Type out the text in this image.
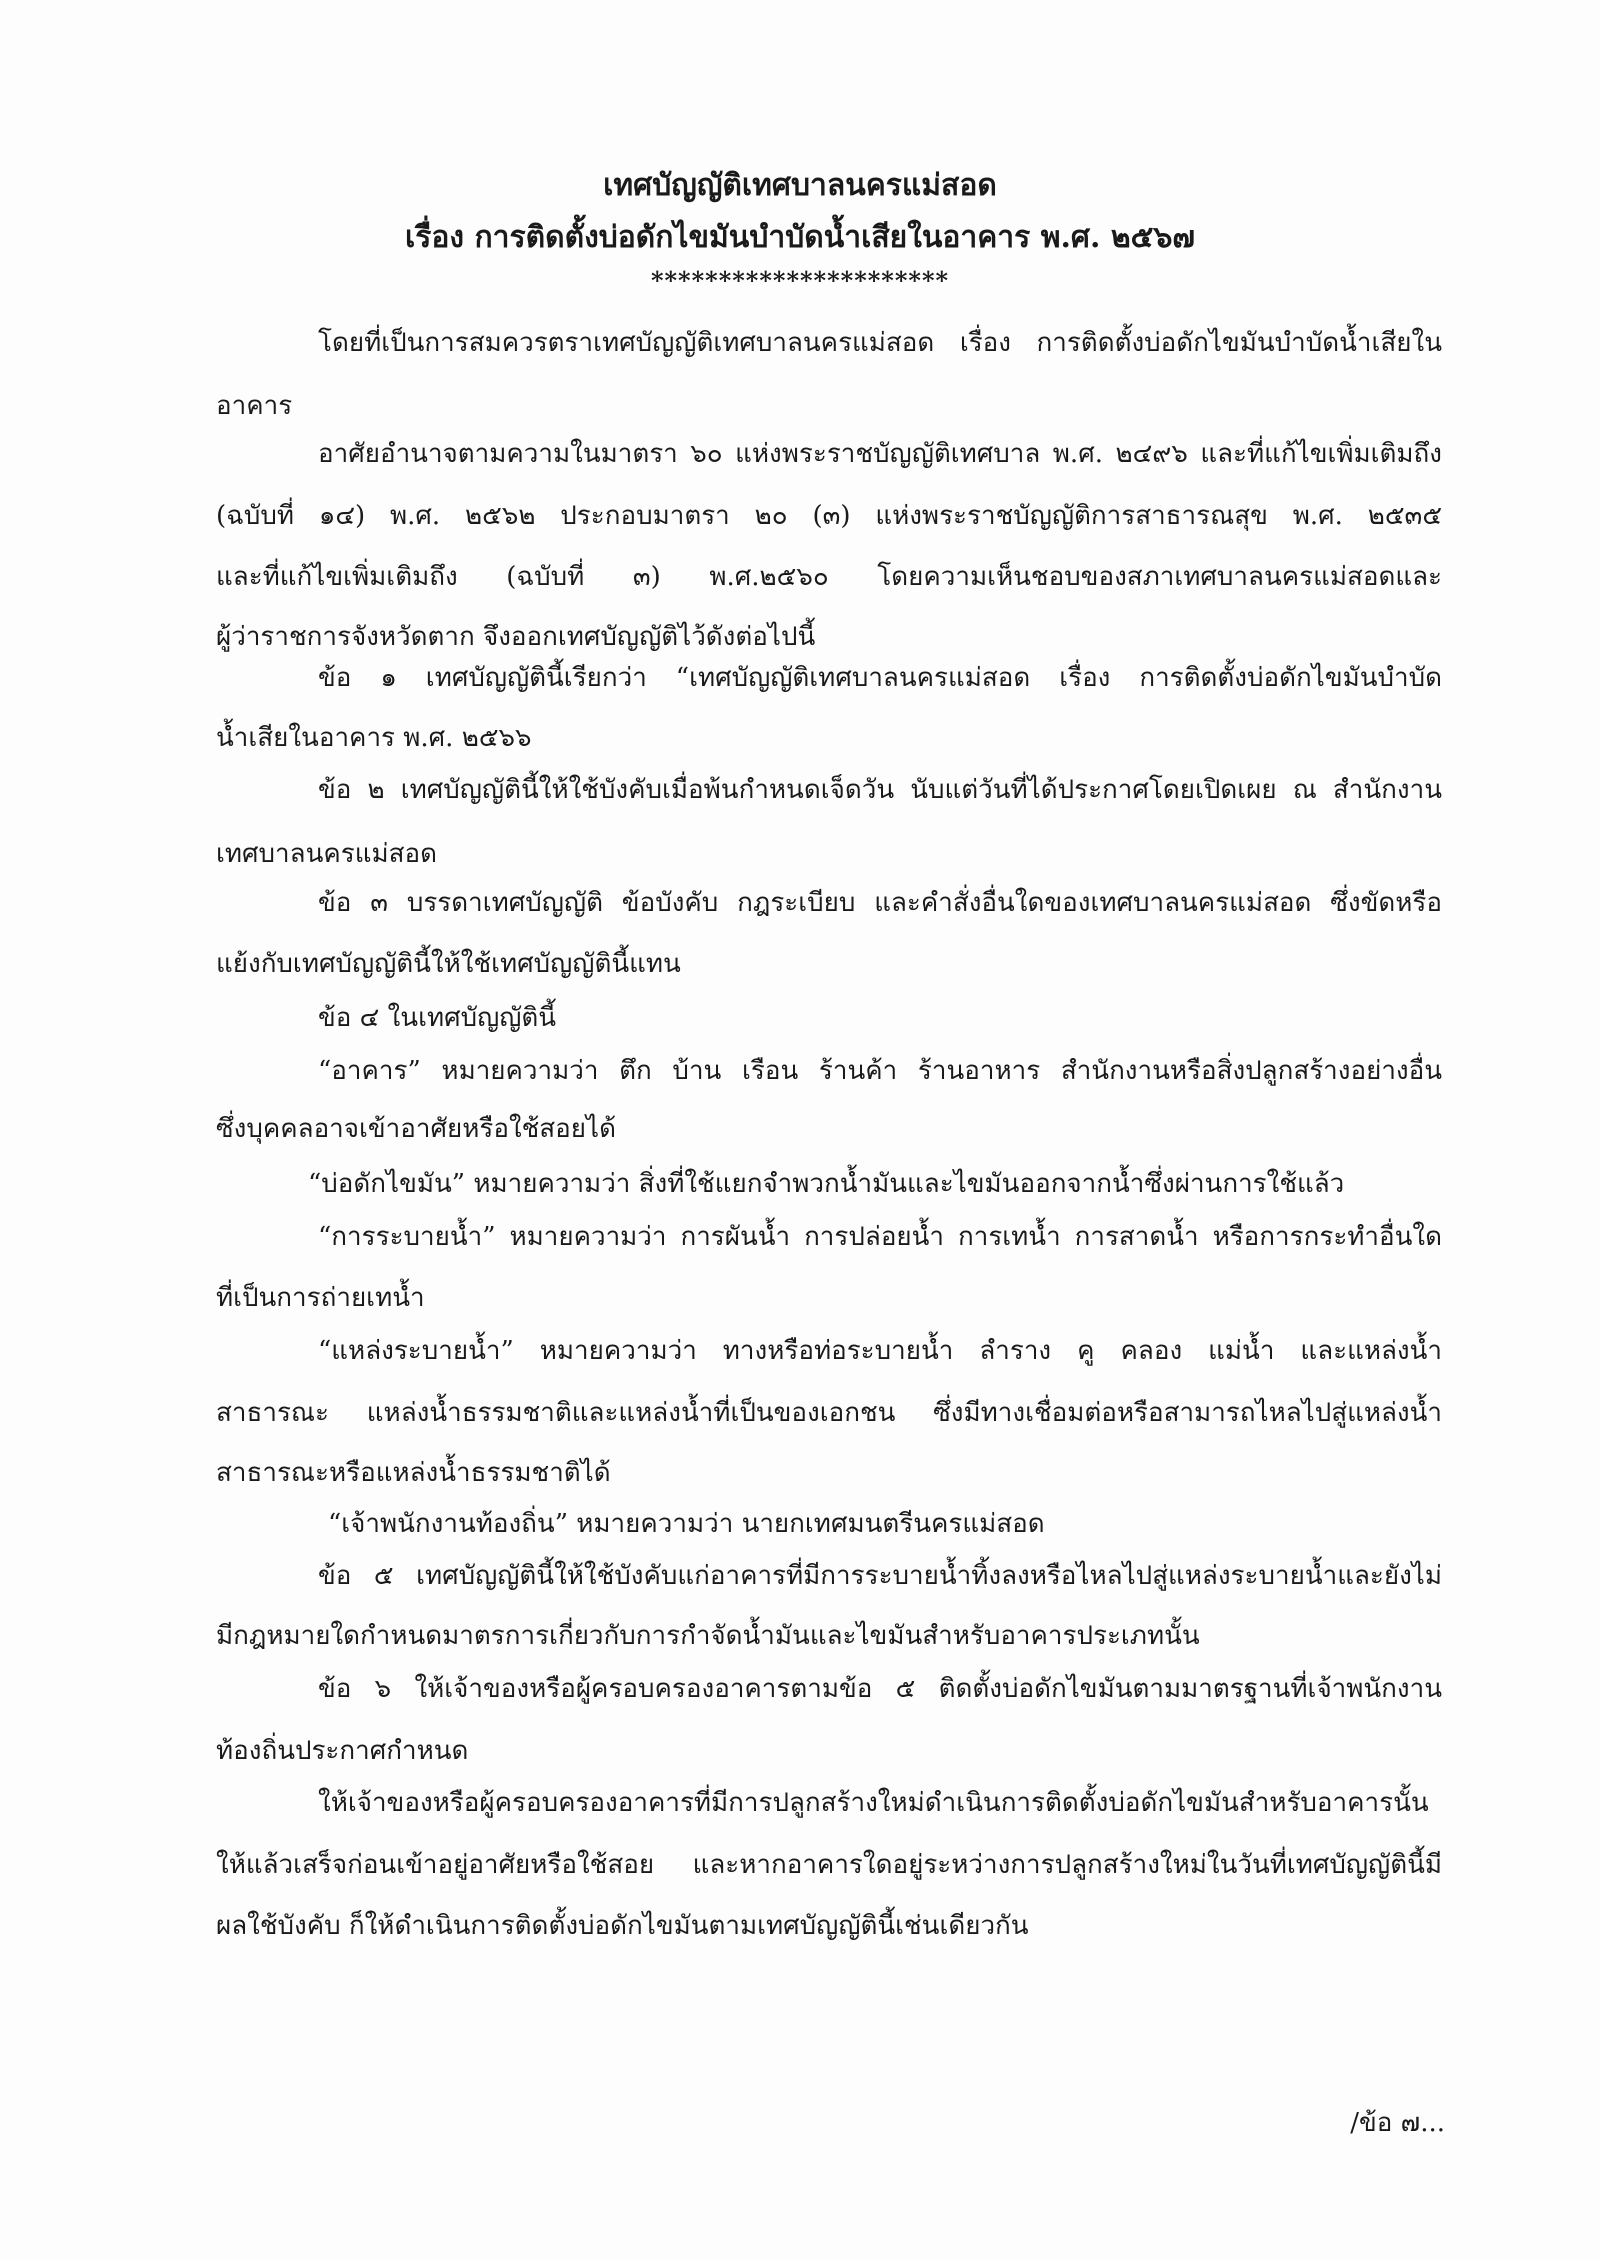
เทศบัญญัติเทศบาลนครแม่สอด
เรื่อง การติดตั้งบ่อดักไขมันบำบัดน้ำเสียในอาคาร พ.ศ. ๒๕๖๗
**********************
โดยที่เป็นการสมควรตราเทศบัญญัติเทศบาลนครแม่สอด เรื่อง การติดตั้งบ่อดักไขมันบำบัดน้ำเสียใน
อาคาร
อาศัยอำนาจตามความในมาตรา ๖๐ แห่งพระราชบัญญัติเทศบาล พ.ศ. ๒๔๙๖ และที่แก้ไขเพิ่มเติมถึง
(ฉบับที่ ๑๔) พ.ศ. ๒๕๖๒ ประกอบมาตรา ๒๐ (๓) แห่งพระราชบัญญัติการสาธารณสุข พ.ศ. ๒๕๓๕
และที่แก้ไขเพิ่มเติมถึง (ฉบับที่ ๓) พ.ศ.๒๕๖๐ โดยความเห็นชอบของสภาเทศบาลนครแม่สอดและ
ผู้ว่าราชการจังหวัดตาก จึงออกเทศบัญญัติไว้ดังต่อไปนี้
ข้อ ๑ เทศบัญญัตินี้เรียกว่า “เทศบัญญัติเทศบาลนครแม่สอด เรื่อง การติดตั้งบ่อดักไขมันบำบัด
น้ำเสียในอาคาร พ.ศ. ๒๕๖๖
ข้อ ๒ เทศบัญญัตินี้ให้ใช้บังคับเมื่อพ้นกำหนดเจ็ดวัน นับแต่วันที่ได้ประกาศโดยเปิดเผย ณ สำนักงาน
เทศบาลนครแม่สอด
ข้อ ๓ บรรดาเทศบัญญัติ ข้อบังคับ กฎระเบียบ และคำสั่งอื่นใดของเทศบาลนครแม่สอด ซึ่งขัดหรือ
แย้งกับเทศบัญญัตินี้ให้ใช้เทศบัญญัตินี้แทน
ข้อ ๔ ในเทศบัญญัตินี้
“อาคาร” หมายความว่า ตึก บ้าน เรือน ร้านค้า ร้านอาหาร สำนักงานหรือสิ่งปลูกสร้างอย่างอื่น
ซึ่งบุคคลอาจเข้าอาศัยหรือใช้สอยได้
“บ่อดักไขมัน” หมายความว่า สิ่งที่ใช้แยกจำพวกน้ำมันและไขมันออกจากน้ำซึ่งผ่านการใช้แล้ว
“การระบายน้ำ” หมายความว่า การผันน้ำ การปล่อยน้ำ การเทน้ำ การสาดน้ำ หรือการกระทำอื่นใด
ที่เป็นการถ่ายเทน้ำ
“แหล่งระบายน้ำ” หมายความว่า ทางหรือท่อระบายน้ำ ลำราง คู คลอง แม่น้ำ และแหล่งน้ำ
สาธารณะ แหล่งน้ำธรรมชาติและแหล่งน้ำที่เป็นของเอกชน ซึ่งมีทางเชื่อมต่อหรือสามารถไหลไปสู่แหล่งน้ำ
สาธารณะหรือแหล่งน้ำธรรมชาติได้
“เจ้าพนักงานท้องถิ่น” หมายความว่า นายกเทศมนตรีนครแม่สอด
ข้อ ๕ เทศบัญญัตินี้ให้ใช้บังคับแก่อาคารที่มีการระบายน้ำทิ้งลงหรือไหลไปสู่แหล่งระบายน้ำและยังไม่
มีกฎหมายใดกำหนดมาตรการเกี่ยวกับการกำจัดน้ำมันและไขมันสำหรับอาคารประเภทนั้น
ข้อ ๖ ให้เจ้าของหรือผู้ครอบครองอาคารตามข้อ ๕ ติดตั้งบ่อดักไขมันตามมาตรฐานที่เจ้าพนักงาน
ท้องถิ่นประกาศกำหนด
ให้เจ้าของหรือผู้ครอบครองอาคารที่มีการปลูกสร้างใหม่ดำเนินการติดตั้งบ่อดักไขมันสำหรับอาคารนั้น
ให้แล้วเสร็จก่อนเข้าอยู่อาศัยหรือใช้สอย และหากอาคารใดอยู่ระหว่างการปลูกสร้างใหม่ในวันที่เทศบัญญัตินี้มี
ผลใช้บังคับ ก็ให้ดำเนินการติดตั้งบ่อดักไขมันตามเทศบัญญัตินี้เช่นเดียวกัน
/ข้อ ๗...
